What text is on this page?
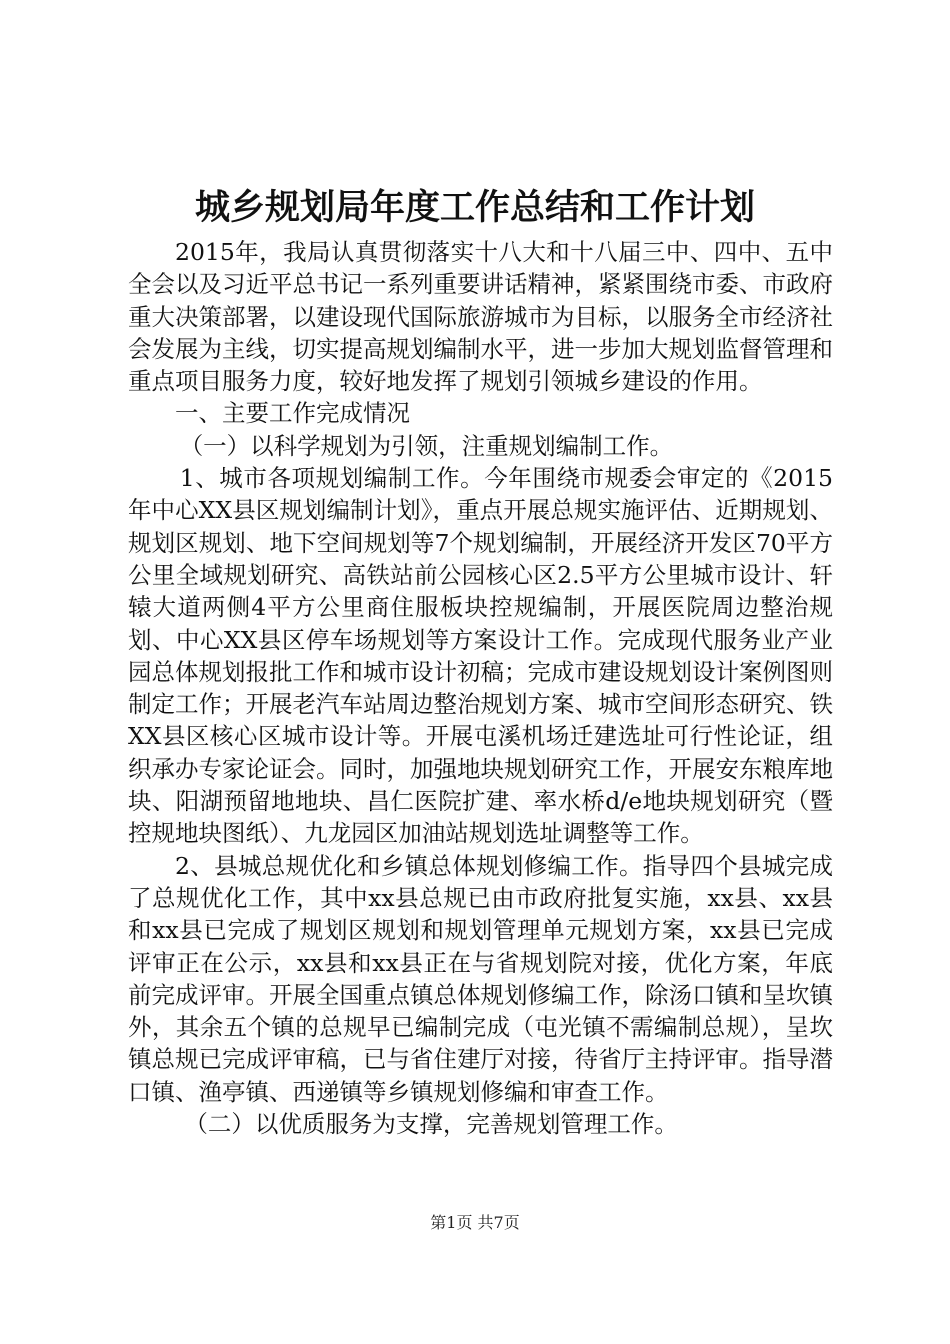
城乡规划局年度工作总结和工作计划

2015年，我局认真贯彻落实十八大和十八届三中、四中、五中全会以及习近平总书记一系列重要讲话精神，紧紧围绕市委、市政府重大决策部署，以建设现代国际旅游城市为目标，以服务全市经济社会发展为主线，切实提高规划编制水平，进一步加大规划监督管理和重点项目服务力度，较好地发挥了规划引领城乡建设的作用。

一、主要工作完成情况

（一）以科学规划为引领，注重规划编制工作。

1、城市各项规划编制工作。今年围绕市规委会审定的《2015年中心XX县区规划编制计划》，重点开展总规实施评估、近期规划、规划区规划、地下空间规划等7个规划编制，开展经济开发区70平方公里全域规划研究、高铁站前公园核心区2.5平方公里城市设计、轩辕大道两侧4平方公里商住服板块控规编制，开展医院周边整治规划、中心XX县区停车场规划等方案设计工作。完成现代服务业产业园总体规划报批工作和城市设计初稿；完成市建设规划设计案例图则制定工作；开展老汽车站周边整治规划方案、城市空间形态研究、铁XX县区核心区城市设计等。开展屯溪机场迁建选址可行性论证，组织承办专家论证会。同时，加强地块规划研究工作，开展安东粮库地块、阳湖预留地地块、昌仁医院扩建、率水桥d/e地块规划研究（暨控规地块图纸）、九龙园区加油站规划选址调整等工作。

2、县城总规优化和乡镇总体规划修编工作。指导四个县城完成了总规优化工作，其中xx县总规已由市政府批复实施，xx县、xx县和xx县已完成了规划区规划和规划管理单元规划方案，xx县已完成评审正在公示，xx县和xx县正在与省规划院对接，优化方案，年底前完成评审。开展全国重点镇总体规划修编工作，除汤口镇和呈坎镇外，其余五个镇的总规早已编制完成（屯光镇不需编制总规），呈坎镇总规已完成评审稿，已与省住建厅对接，待省厅主持评审。指导潜口镇、渔亭镇、西递镇等乡镇规划修编和审查工作。

（二）以优质服务为支撑，完善规划管理工作。

第1页 共7页
